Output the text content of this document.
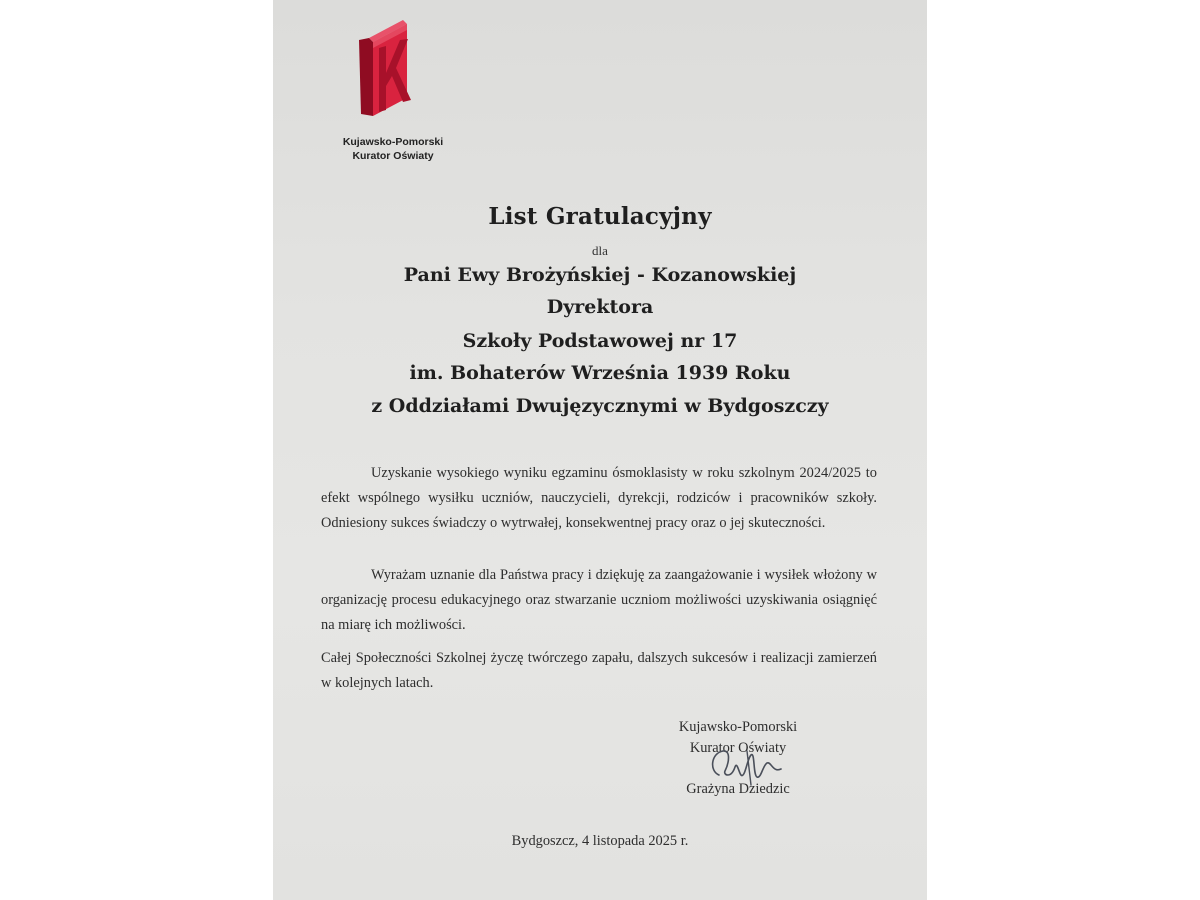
Kujawsko-Pomorski
Kurator Oświaty
List Gratulacyjny
dla
Pani Ewy Brożyńskiej - Kozanowskiej
Dyrektora
Szkoły Podstawowej nr 17
im. Bohaterów Września 1939 Roku
z Oddziałami Dwujęzycznymi w Bydgoszczy
Uzyskanie wysokiego wyniku egzaminu ósmoklasisty w roku szkolnym 2024/2025 to efekt wspólnego wysiłku uczniów, nauczycieli, dyrekcji, rodziców i pracowników szkoły. Odniesiony sukces świadczy o wytrwałej, konsekwentnej pracy oraz o jej skuteczności.
Wyrażam uznanie dla Państwa pracy i dziękuję za zaangażowanie i wysiłek włożony w organizację procesu edukacyjnego oraz stwarzanie uczniom możliwości uzyskiwania osiągnięć na miarę ich możliwości.
Całej Społeczności Szkolnej życzę twórczego zapału, dalszych sukcesów i realizacji zamierzeń w kolejnych latach.
Kujawsko-Pomorski
Kurator Oświaty
Grażyna Dziedzic
Bydgoszcz, 4 listopada 2025 r.
